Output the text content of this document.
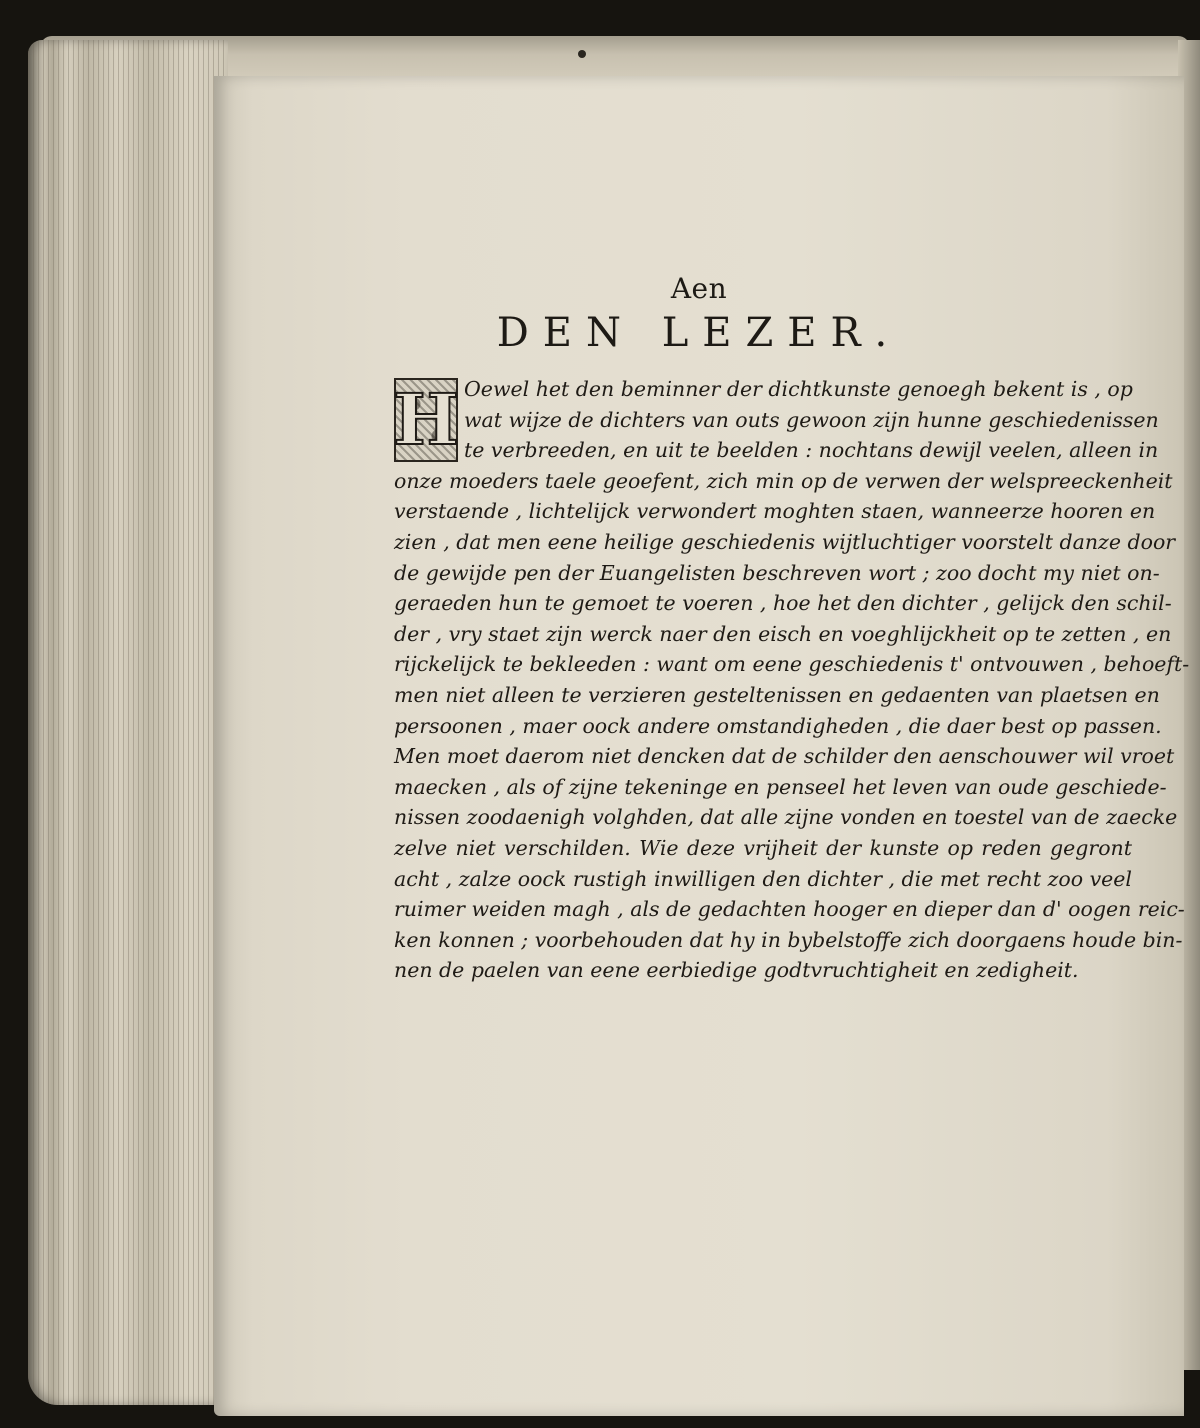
Aen
DEN LEZER.
H Oewel het den beminner der dichtkunste genoegh bekent is , op
wat wijze de dichters van outs gewoon zijn hunne geschiedenissen
te verbreeden, en uit te beelden : nochtans dewijl veelen, alleen in
onze moeders taele geoefent, zich min op de verwen der welspreeckenheit
verstaende , lichtelijck verwondert moghten staen, wanneerze hooren en
zien , dat men eene heilige geschiedenis wijtluchtiger voorstelt danze door
de gewijde pen der Euangelisten beschreven wort ; zoo docht my niet on-
geraeden hun te gemoet te voeren , hoe het den dichter , gelijck den schil-
der , vry staet zijn werck naer den eisch en voeghlijckheit op te zetten , en
rijckelijck te bekleeden : want om eene geschiedenis t' ontvouwen , behoeft-
men niet alleen te verzieren gesteltenissen en gedaenten van plaetsen en
persoonen , maer oock andere omstandigheden , die daer best op passen.
Men moet daerom niet dencken dat de schilder den aenschouwer wil vroet
maecken , als of zijne tekeninge en penseel het leven van oude geschiede-
nissen zoodaenigh volghden, dat alle zijne vonden en toestel van de zaecke
zelve niet verschilden. Wie deze vrijheit der kunste op reden gegront
acht , zalze oock rustigh inwilligen den dichter , die met recht zoo veel
ruimer weiden magh , als de gedachten hooger en dieper dan d' oogen reic-
ken konnen ; voorbehouden dat hy in bybelstoffe zich doorgaens houde bin-
nen de paelen van eene eerbiedige godtvruchtigheit en zedigheit.
